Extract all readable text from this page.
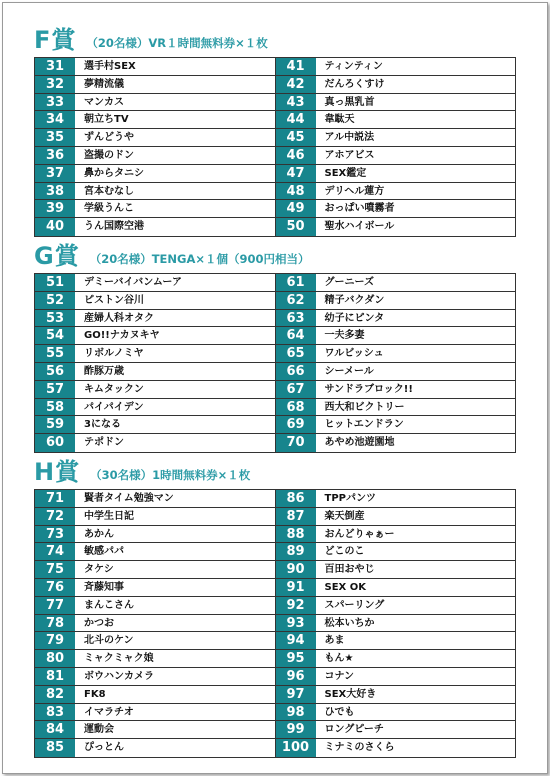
F賞 （20名様）VR１時間無料券×１枚
31	選手村SEX
32	夢精流儀
33	マンカス
34	朝立ちTV
35	ずんどうや
36	盗撮のドン
37	鼻からタニシ
38	宮本むなし
39	学級うんこ
40	うん国際空港
41	ティンティン
42	だんろくすけ
43	真っ黒乳首
44	韋駄天
45	アル中説法
46	アホアビス
47	SEX鑑定
48	デリヘル蓮方
49	おっぱい噴霧者
50	聖水ハイボール
G賞 （20名様）TENGA×１個（900円相当）
51	デミーバイバンムーア
52	ピストン谷川
53	産婦人科オタク
54	GO!!ナカヌキヤ
55	リボルノミヤ
56	酢豚万歳
57	キムタックン
58	パイパイデン
59	3になる
60	テポドン
61	グーニーズ
62	精子バクダン
63	幼子にピンタ
64	一夫多妻
65	ワルビッシュ
66	シーメール
67	サンドラブロック!!
68	西大和ビクトリー
69	ヒットエンドラン
70	あやめ池遊園地
H賞 （30名様）1時間無料券×１枚
71	賢者タイム勉強マン
72	中学生日記
73	あかん
74	敏感パパ
75	タケシ
76	斉藤知事
77	まんこさん
78	かつお
79	北斗のケン
80	ミャクミャク娘
81	ボウハンカメラ
82	FK8
83	イマラチオ
84	運動会
85	ぴっとん
86	TPPパンツ
87	楽天倒産
88	おんどりゃぁー
89	どこのこ
90	百田おやじ
91	SEX OK
92	スパーリング
93	松本いちか
94	あま
95	もん★
96	コナン
97	SEX大好き
98	ひでも
99	ロングピーチ
100	ミナミのさくら
